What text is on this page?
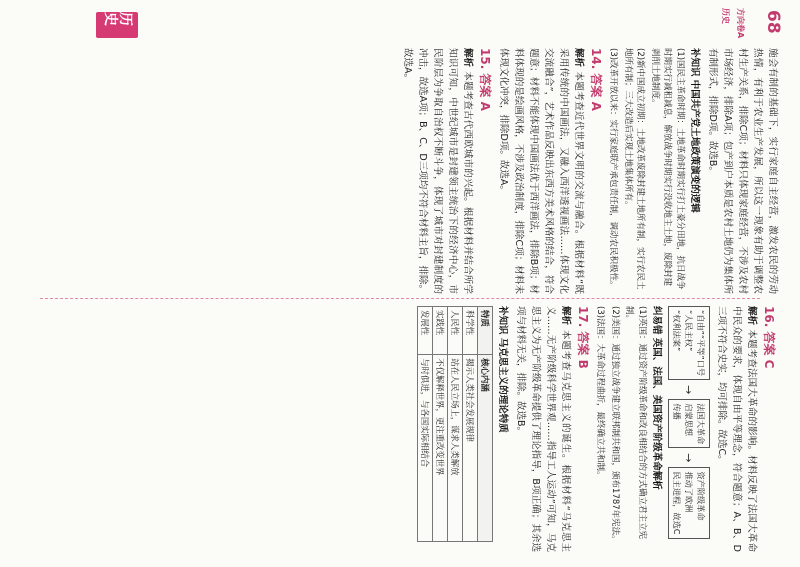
68
方向卷A 历史
历史

施会有制的基础下，实行家庭自主经营，激发农民的劳动热情，有利于农业生产发展，所以这一现象有助于调整农村生产关系，排除C项；材料只体现家庭经营，不涉及农村市场经济，排除A项；包产到户本质是农村土地仍为集体所有制形式，排除D项。故选B。

补知识 中国共产党土地政策演变的逻辑

(1)国民主革命时期：土地革命时期实行打土豪分田地，抗日战争时期实行减租减息，解放战争时期实行没收地主土地，废除封建剥削土地制度。

(2)新中国成立初期：土地改革废除封建土地所有制，实行农民土地所有制；三大改造后实现土地集体所有。

(3)改革开放以来：实行家庭联产承包责任制，调动农民积极性。

14. 答案 A

解析本题考查近代世界文明的交流与融合。根据材料“既采用传统的中国画法，又融入西洋透视画法……体现文化交流融合”，艺术作品反映出东西方美术风格的结合，符合题意；材料不能体现中国画法优于西洋画法，排除B项；材料体现的是绘画风格，不涉及政治制度，排除C项；材料未体现文化冲突，排除D项。故选A。

15. 答案 A

解析本题考查古代西欧城市的兴起。根据材料并结合所学知识可知，中世纪城市是封建领主统治下的经济中心，市民阶层为争取自治权不断斗争，体现了城市对封建制度的冲击，故选A项；B、C、D三项均不符合材料主旨，排除。故选A。

16. 答案 C

解析本题考查法国大革命的影响。材料反映了法国大革命中民众的要求，体现自由平等理念，符合题意；A、B、D三项不符合史实，均可排除。故选C。

“自由”“平等”口号
“人民主权”
“权利法案”
→
法国大革命
启蒙思想
传播
→
资产阶级革命
推动了欧洲
民主进程，故选C
纠易错 英国、法国、美国资产阶级革命解析

(1)英国：通过资产阶级革命和改良相结合的方式确立君主立宪制。

(2)美国：通过独立战争建立联邦制共和国，颁布1787年宪法。

(3)法国：大革命过程曲折，最终确立共和制。

17. 答案 B

解析本题考查马克思主义的诞生。根据材料“马克思主义……无产阶级科学世界观……指导工人运动”可知，马克思主义为无产阶级革命提供了理论指导，B项正确；其余选项与材料无关，排除。故选B。

补知识 马克思主义的理论特质
特质	核心内涵
科学性	揭示人类社会发展规律
人民性	站在人民立场上，谋求人类解放
实践性	不仅解释世界，更注重改变世界
发展性	与时俱进，与各国实际相结合
